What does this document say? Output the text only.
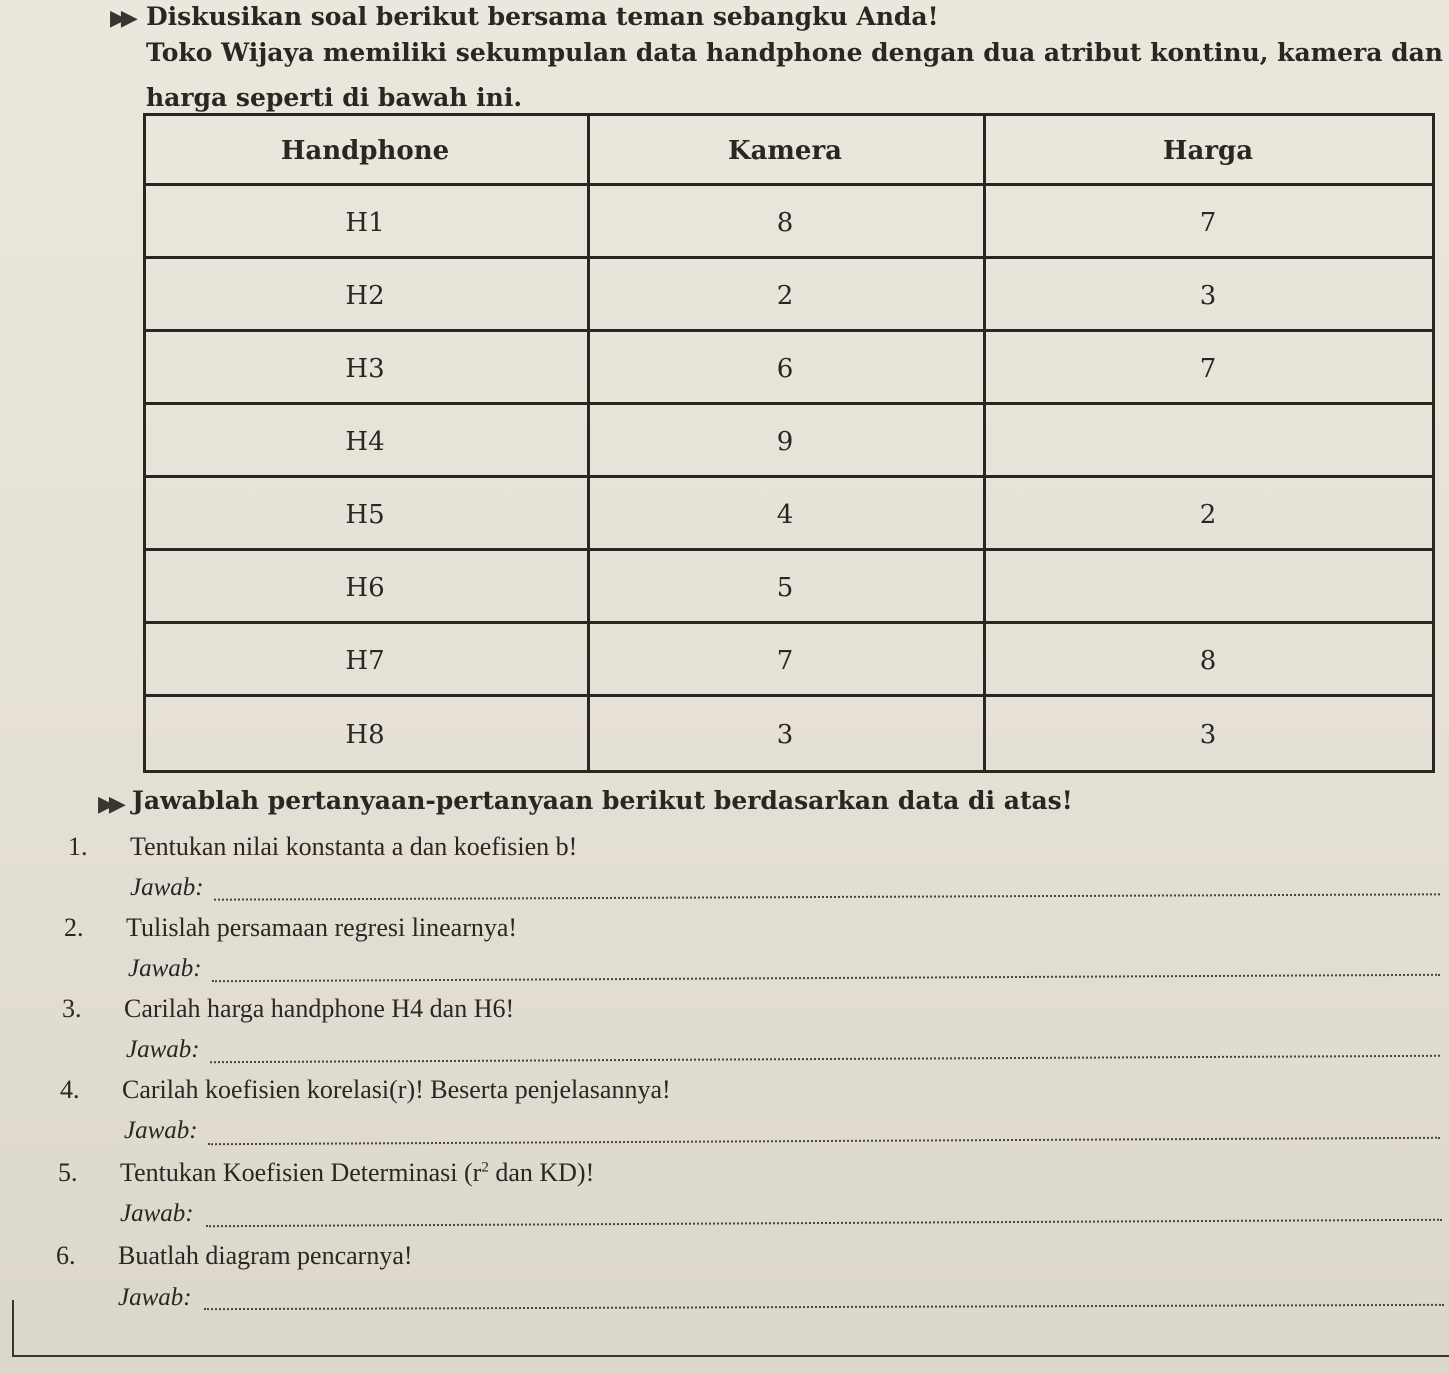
▶▶ Diskusikan soal berikut bersama teman sebangku Anda!
Toko Wijaya memiliki sekumpulan data handphone dengan dua atribut kontinu, kamera dan
harga seperti di bawah ini.
Handphone	Kamera	Harga
H1	8	7
H2	2	3
H3	6	7
H4	9
H5	4	2
H6	5
H7	7	8
H8	3	3
▶▶ Jawablah pertanyaan-pertanyaan berikut berdasarkan data di atas!
1. Tentukan nilai konstanta a dan koefisien b!
Jawab:
2. Tulislah persamaan regresi linearnya!
Jawab:
3. Carilah harga handphone H4 dan H6!
Jawab:
4. Carilah koefisien korelasi(r)! Beserta penjelasannya!
Jawab:
5. Tentukan Koefisien Determinasi ($r^2$ dan KD)!
Jawab:
6. Buatlah diagram pencarnya!
Jawab:
